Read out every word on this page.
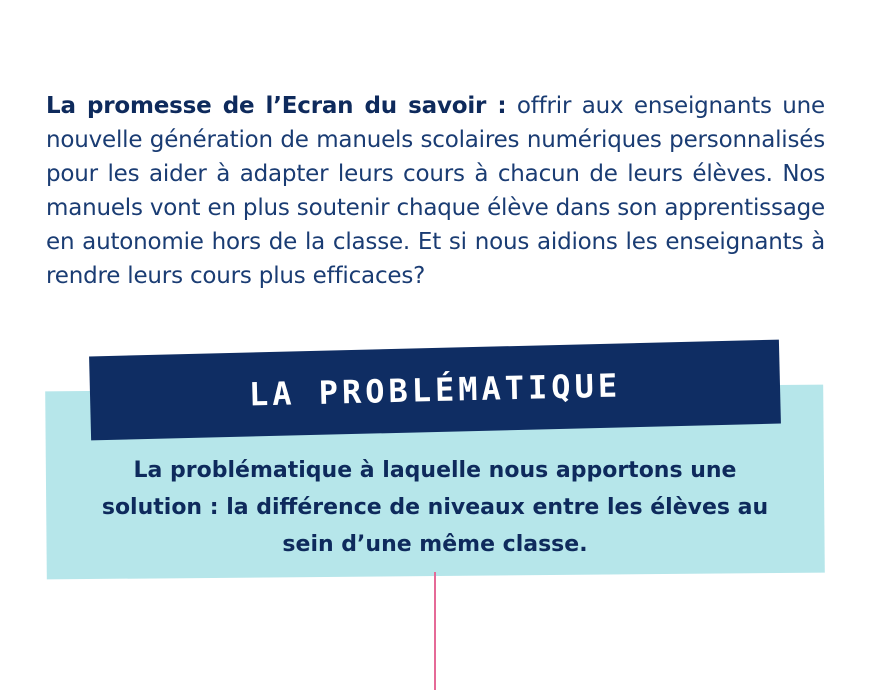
La promesse de l’Ecran du savoir : offrir aux enseignants une nouvelle génération de manuels scolaires numériques personnalisés pour les aider à adapter leurs cours à chacun de leurs élèves. Nos manuels vont en plus soutenir chaque élève dans son apprentissage en autonomie hors de la classe. Et si nous aidions les enseignants à rendre leurs cours plus efficaces?

LA PROBLÉMATIQUE
La problématique à laquelle nous apportons une solution : la différence de niveaux entre les élèves au sein d’une même classe.
